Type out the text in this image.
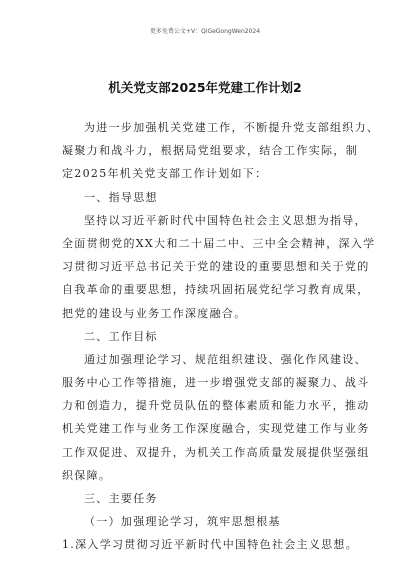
更多免费公文+Ⅴ：QiGeGongWen2024
机关党支部2025年党建工作计划2
为进一步加强机关党建工作，不断提升党支部组织力、
凝聚力和战斗力，根据局党组要求，结合工作实际，制
定2025年机关党支部工作计划如下：
一、指导思想
坚持以习近平新时代中国特色社会主义思想为指导，
全面贯彻党的XX大和二十届二中、三中全会精神，深入学
习贯彻习近平总书记关于党的建设的重要思想和关于党的
自我革命的重要思想，持续巩固拓展党纪学习教育成果，
把党的建设与业务工作深度融合。
二、工作目标
通过加强理论学习、规范组织建设、强化作风建设、
服务中心工作等措施，进一步增强党支部的凝聚力、战斗
力和创造力，提升党员队伍的整体素质和能力水平，推动
机关党建工作与业务工作深度融合，实现党建工作与业务
工作双促进、双提升，为机关工作高质量发展提供坚强组
织保障。
三、主要任务
（一）加强理论学习，筑牢思想根基
1.深入学习贯彻习近平新时代中国特色社会主义思想。
